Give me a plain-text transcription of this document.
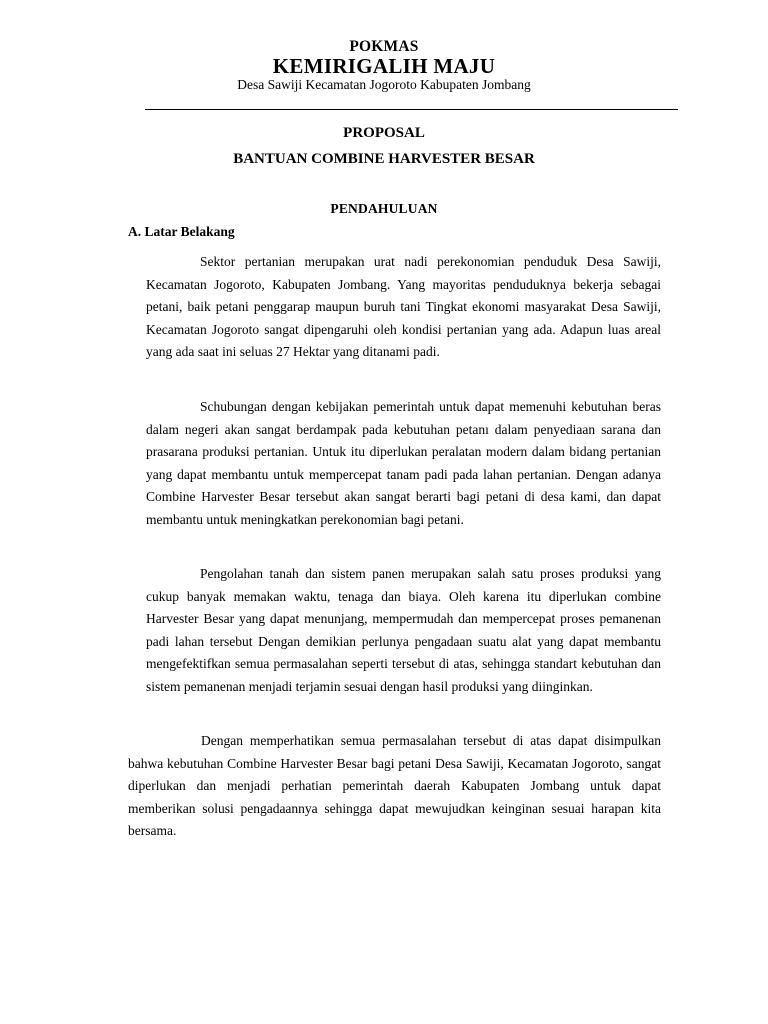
POKMAS
KEMIRIGALIH MAJU
Desa Sawiji Kecamatan Jogoroto Kabupaten Jombang
PROPOSAL
BANTUAN COMBINE HARVESTER BESAR
PENDAHULUAN
A. Latar Belakang

Sektor pertanian merupakan urat nadi perekonomian penduduk Desa Sawiji, Kecamatan Jogoroto, Kabupaten Jombang. Yang mayoritas penduduknya bekerja sebagai petani, baik petani penggarap maupun buruh tani Tingkat ekonomi masyarakat Desa Sawiji, Kecamatan Jogoroto sangat dipengaruhi oleh kondisi pertanian yang ada. Adapun luas areal yang ada saat ini seluas 27 Hektar yang ditanami padi.

Schubungan dengan kebijakan pemerintah untuk dapat memenuhi kebutuhan beras dalam negeri akan sangat berdampak pada kebutuhan petanı dalam penyediaan sarana dan prasarana produksi pertanian. Untuk itu diperlukan peralatan modern dalam bidang pertanian yang dapat membantu untuk mempercepat tanam padi pada lahan pertanian. Dengan adanya Combine Harvester Besar tersebut akan sangat berarti bagi petani di desa kami, dan dapat membantu untuk meningkatkan perekonomian bagi petani.

Pengolahan tanah dan sistem panen merupakan salah satu proses produksi yang cukup banyak memakan waktu, tenaga dan biaya. Oleh karena itu diperlukan combine Harvester Besar yang dapat menunjang, mempermudah dan mempercepat proses pemanenan padi lahan tersebut Dengan demikian perlunya pengadaan suatu alat yang dapat membantu mengefektifkan semua permasalahan seperti tersebut di atas, sehingga standart kebutuhan dan sistem pemanenan menjadi terjamin sesuai dengan hasil produksi yang diinginkan.

Dengan memperhatikan semua permasalahan tersebut di atas dapat disimpulkan bahwa kebutuhan Combine Harvester Besar bagi petani Desa Sawiji, Kecamatan Jogoroto, sangat diperlukan dan menjadi perhatian pemerintah daerah Kabupaten Jombang untuk dapat memberikan solusi pengadaannya sehingga dapat mewujudkan keinginan sesuai harapan kita bersama.
